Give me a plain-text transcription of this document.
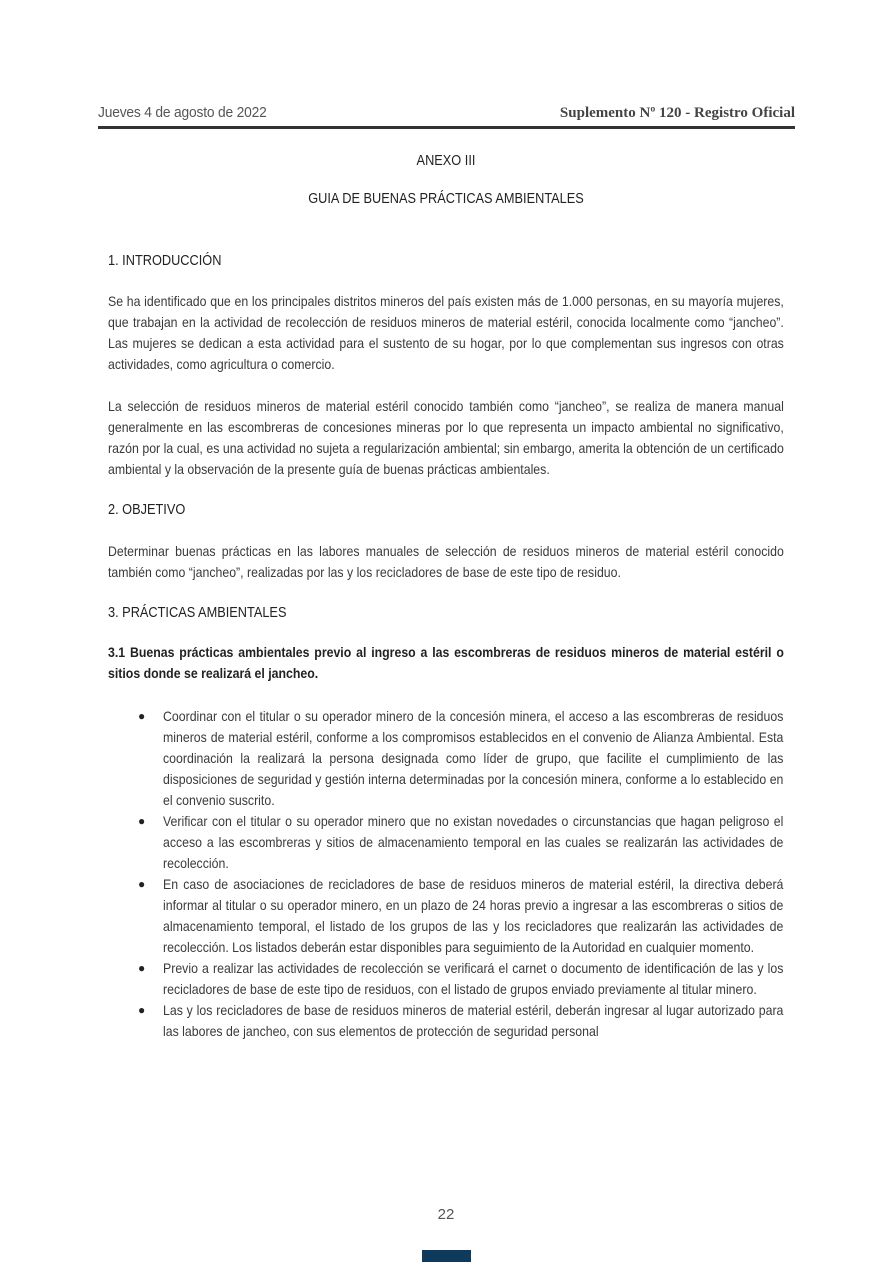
Jueves 4 de agosto de 2022	Suplemento Nº 120 - Registro Oficial
ANEXO III
GUIA DE BUENAS PRÁCTICAS AMBIENTALES
1. INTRODUCCIÓN
Se ha identificado que en los principales distritos mineros del país existen más de 1.000 personas, en su mayoría mujeres, que trabajan en la actividad de recolección de residuos mineros de material estéril, conocida localmente como “jancheo”. Las mujeres se dedican a esta actividad para el sustento de su hogar, por lo que complementan sus ingresos con otras actividades, como agricultura o comercio.
La selección de residuos mineros de material estéril conocido también como “jancheo”, se realiza de manera manual generalmente en las escombreras de concesiones mineras por lo que representa un impacto ambiental no significativo, razón por la cual, es una actividad no sujeta a regularización ambiental; sin embargo, amerita la obtención de un certificado ambiental y la observación de la presente guía de buenas prácticas ambientales.
2. OBJETIVO
Determinar buenas prácticas en las labores manuales de selección de residuos mineros de material estéril conocido también como “jancheo”, realizadas por las y los recicladores de base de este tipo de residuo.
3. PRÁCTICAS AMBIENTALES
3.1 Buenas prácticas ambientales previo al ingreso a las escombreras de residuos mineros de material estéril o sitios donde se realizará el jancheo.
● Coordinar con el titular o su operador minero de la concesión minera, el acceso a las escombreras de residuos mineros de material estéril, conforme a los compromisos establecidos en el convenio de Alianza Ambiental. Esta coordinación la realizará la persona designada como líder de grupo, que facilite el cumplimiento de las disposiciones de seguridad y gestión interna determinadas por la concesión minera, conforme a lo establecido en el convenio suscrito.
● Verificar con el titular o su operador minero que no existan novedades o circunstancias que hagan peligroso el acceso a las escombreras y sitios de almacenamiento temporal en las cuales se realizarán las actividades de recolección.
● En caso de asociaciones de recicladores de base de residuos mineros de material estéril, la directiva deberá informar al titular o su operador minero, en un plazo de 24 horas previo a ingresar a las escombreras o sitios de almacenamiento temporal, el listado de los grupos de las y los recicladores que realizarán las actividades de recolección. Los listados deberán estar disponibles para seguimiento de la Autoridad en cualquier momento.
● Previo a realizar las actividades de recolección se verificará el carnet o documento de identificación de las y los recicladores de base de este tipo de residuos, con el listado de grupos enviado previamente al titular minero.
● Las y los recicladores de base de residuos mineros de material estéril, deberán ingresar al lugar autorizado para las labores de jancheo, con sus elementos de protección de seguridad personal
22
